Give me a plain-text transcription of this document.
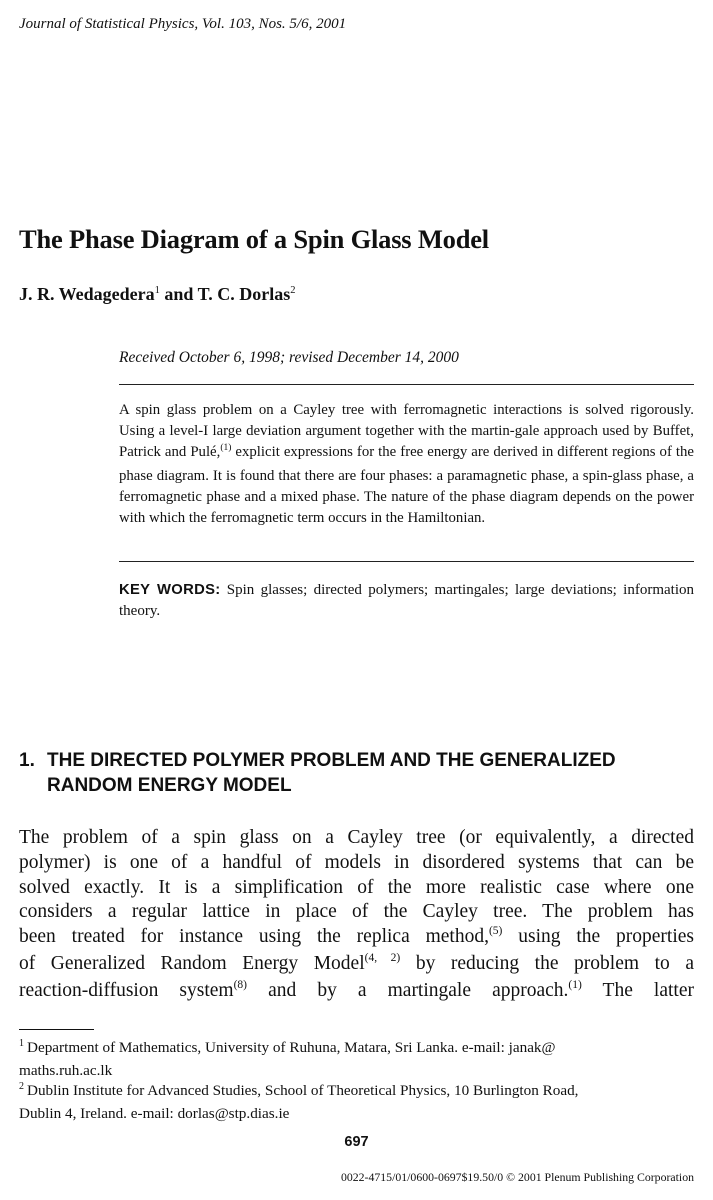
Journal of Statistical Physics, Vol. 103, Nos. 5/6, 2001
The Phase Diagram of a Spin Glass Model
J. R. Wedagedera$^1$ and T. C. Dorlas$^2$
Received October 6, 1998; revised December 14, 2000
A spin glass problem on a Cayley tree with ferromagnetic interactions is solved rigorously. Using a level-I large deviation argument together with the martin-gale approach used by Buffet, Patrick and Pulé,$^{(1)}$ explicit expressions for the free energy are derived in different regions of the phase diagram. It is found that there are four phases: a paramagnetic phase, a spin-glass phase, a ferromagnetic phase and a mixed phase. The nature of the phase diagram depends on the power with which the ferromagnetic term occurs in the Hamiltonian.
KEY WORDS: Spin glasses; directed polymers; martingales; large deviations; information theory.
1. THE DIRECTED POLYMER PROBLEM AND THE GENERALIZED
RANDOM ENERGY MODEL
The problem of a spin glass on a Cayley tree (or equivalently, a directed
polymer) is one of a handful of models in disordered systems that can be
solved exactly. It is a simplification of the more realistic case where one
considers a regular lattice in place of the Cayley tree. The problem has
been treated for instance using the replica method,$^{(5)}$ using the properties
of Generalized Random Energy Model$^{(4, 2)}$ by reducing the problem to a
reaction-diffusion system$^{(8)}$ and by a martingale approach.$^{(1)}$ The latter
$^1$ Department of Mathematics, University of Ruhuna, Matara, Sri Lanka. e-mail: janak@
maths.ruh.ac.lk
$^2$ Dublin Institute for Advanced Studies, School of Theoretical Physics, 10 Burlington Road,
Dublin 4, Ireland. e-mail: dorlas@stp.dias.ie
697
0022-4715/01/0600-0697$19.50/0 © 2001 Plenum Publishing Corporation
